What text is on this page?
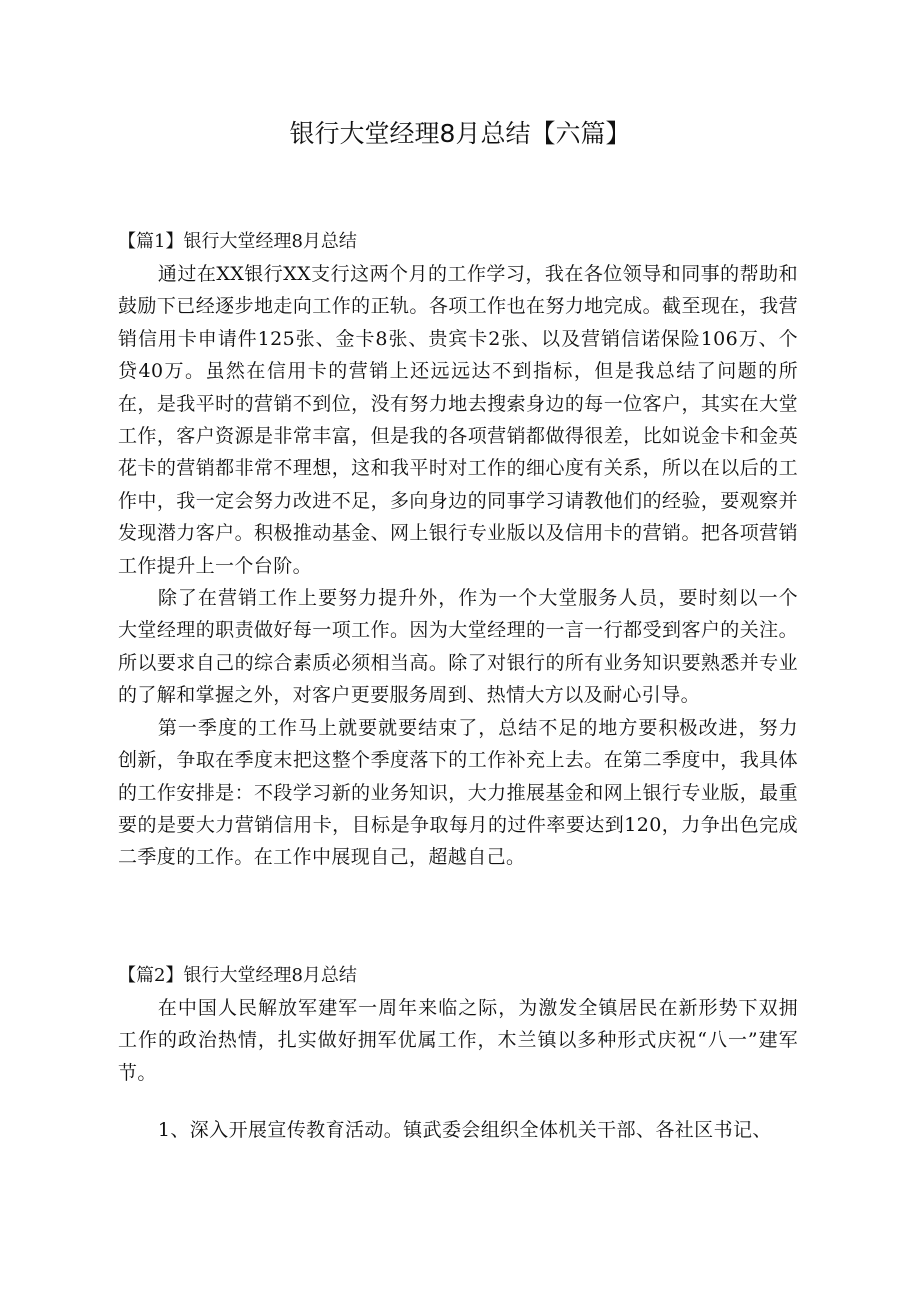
银行大堂经理8月总结【六篇】

【篇1】银行大堂经理8月总结

通过在XX银行XX支行这两个月的工作学习，我在各位领导和同事的帮助和鼓励下已经逐步地走向工作的正轨。各项工作也在努力地完成。截至现在，我营销信用卡申请件125张、金卡8张、贵宾卡2张、以及营销信诺保险106万、个贷40万。虽然在信用卡的营销上还远远达不到指标，但是我总结了问题的所在，是我平时的营销不到位，没有努力地去搜索身边的每一位客户，其实在大堂工作，客户资源是非常丰富，但是我的各项营销都做得很差，比如说金卡和金英花卡的营销都非常不理想，这和我平时对工作的细心度有关系，所以在以后的工作中，我一定会努力改进不足，多向身边的同事学习请教他们的经验，要观察并发现潜力客户。积极推动基金、网上银行专业版以及信用卡的营销。把各项营销工作提升上一个台阶。

除了在营销工作上要努力提升外，作为一个大堂服务人员，要时刻以一个大堂经理的职责做好每一项工作。因为大堂经理的一言一行都受到客户的关注。所以要求自己的综合素质必须相当高。除了对银行的所有业务知识要熟悉并专业的了解和掌握之外，对客户更要服务周到、热情大方以及耐心引导。

第一季度的工作马上就要就要结束了，总结不足的地方要积极改进，努力创新，争取在季度末把这整个季度落下的工作补充上去。在第二季度中，我具体的工作安排是：不段学习新的业务知识，大力推展基金和网上银行专业版，最重要的是要大力营销信用卡，目标是争取每月的过件率要达到120，力争出色完成二季度的工作。在工作中展现自己，超越自己。

【篇2】银行大堂经理8月总结

在中国人民解放军建军一周年来临之际，为激发全镇居民在新形势下双拥工作的政治热情，扎实做好拥军优属工作，木兰镇以多种形式庆祝“八一”建军节。

1、深入开展宣传教育活动。镇武委会组织全体机关干部、各社区书记、
